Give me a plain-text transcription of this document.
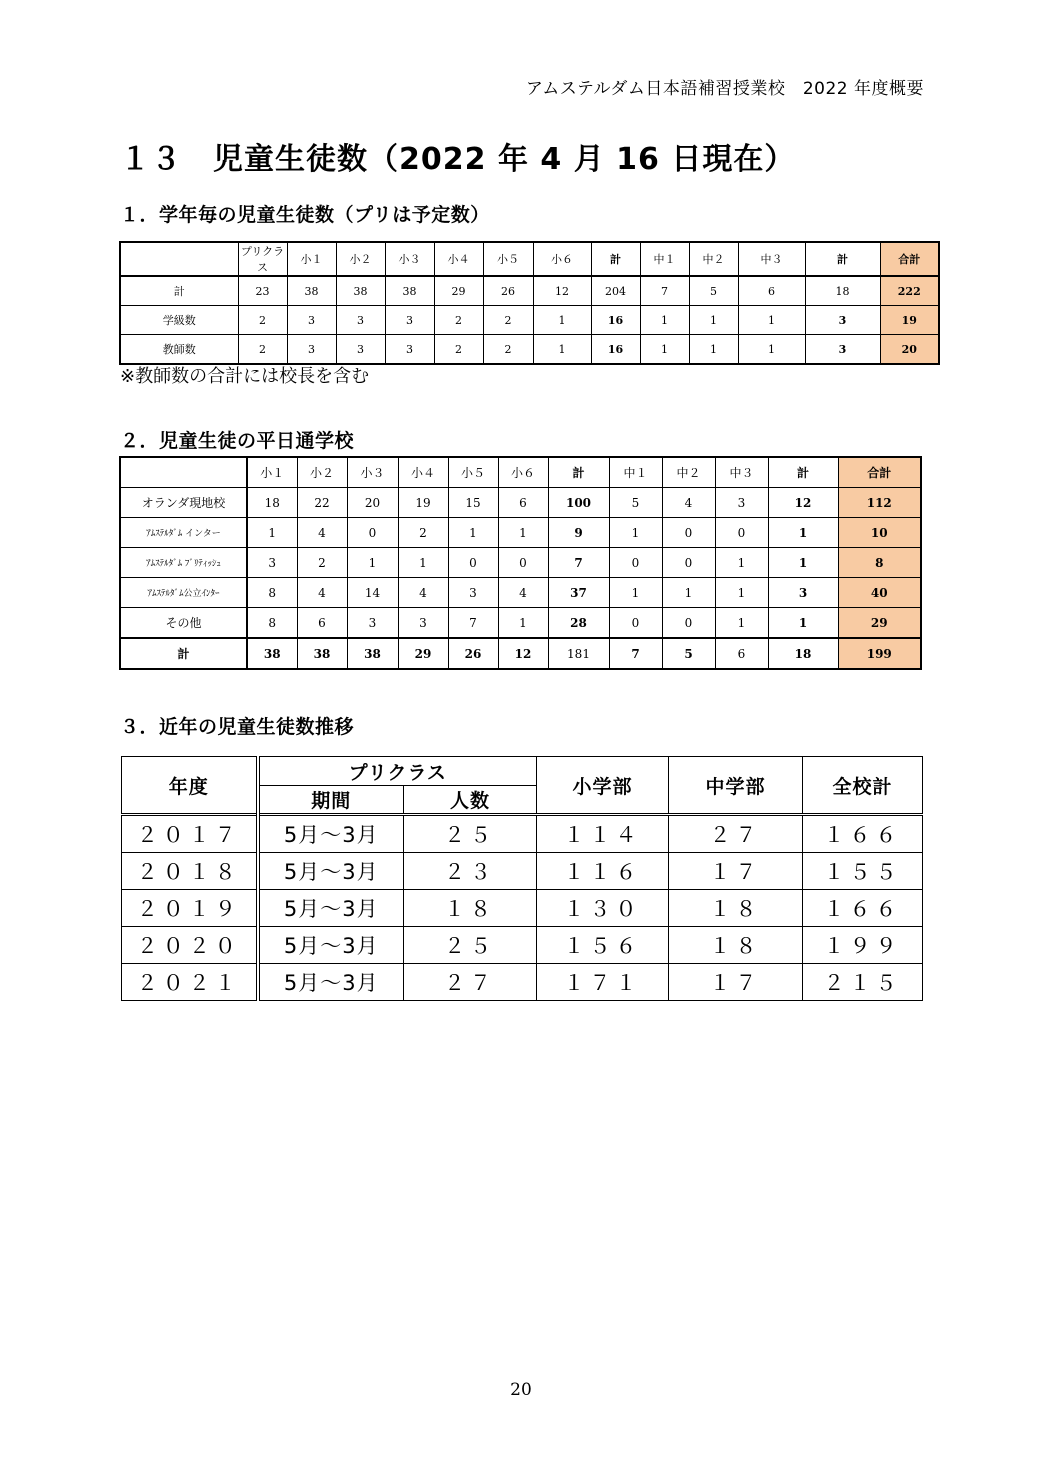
アムステルダム日本語補習授業校　2022 年度概要
１３　児童生徒数（2022 年 4 月 16 日現在）
１．学年毎の児童生徒数（プリは予定数）
	プリクラス	小１	小２	小３	小４	小５	小６	計	中１	中２	中３	計	合計
計	23	38	38	38	29	26	12	204	7	5	6	18	222
学級数	2	3	3	3	2	2	1	16	1	1	1	3	19
教師数	2	3	3	3	2	2	1	16	1	1	1	3	20
※教師数の合計には校長を含む
２．児童生徒の平日通学校
	小１	小２	小３	小４	小５	小６	計	中１	中２	中３	計	合計
オランダ現地校	18	22	20	19	15	6	100	5	4	3	12	112
ｱﾑｽﾃﾙﾀﾞﾑ インター	1	4	0	2	1	1	9	1	0	0	1	10
ｱﾑｽﾃﾙﾀﾞﾑ ﾌﾞﾘﾃｨｯｼｭ	3	2	1	1	0	0	7	0	0	1	1	8
ｱﾑｽﾃﾙﾀﾞﾑ公立ｲﾝﾀｰ	8	4	14	4	3	4	37	1	1	1	3	40
その他	8	6	3	3	7	1	28	0	0	1	1	29
計	38	38	38	29	26	12	181	7	5	6	18	199
３．近年の児童生徒数推移
年度	プリクラス		小学部	中学部	全校計
	期間	人数			
２０１７	5月～3月	２５	１１４	２７	１６６
２０１８	5月～3月	２３	１１６	１７	１５５
２０１９	5月～3月	１８	１３０	１８	１６６
２０２０	5月～3月	２５	１５６	１８	１９９
２０２１	5月～3月	２７	１７１	１７	２１５
20
